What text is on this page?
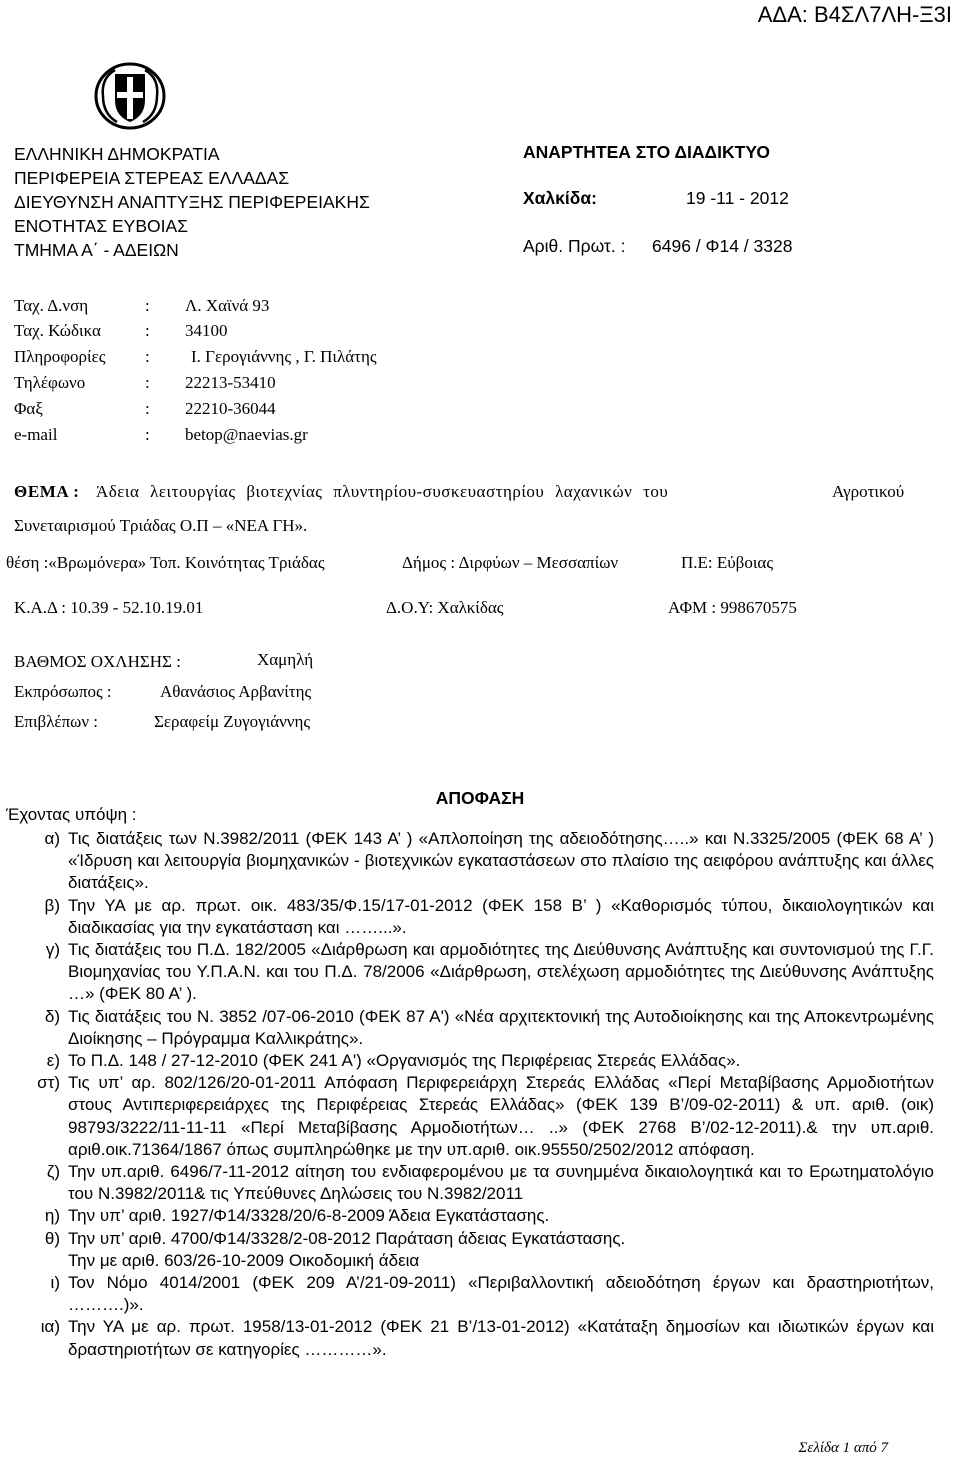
ΑΔΑ: Β4ΣΛ7ΛΗ-Ξ3Ι
ΕΛΛΗΝΙΚΗ ΔΗΜΟΚΡΑΤΙΑ
ΠΕΡΙΦΕΡΕΙΑ ΣΤΕΡΕΑΣ ΕΛΛΑΔΑΣ
ΔΙΕΥΘΥΝΣΗ ΑΝΑΠΤΥΞΗΣ ΠΕΡΙΦΕΡΕΙΑΚΗΣ
ΕΝΟΤΗΤΑΣ ΕΥΒΟΙΑΣ
ΤΜΗΜΑ Α΄ - ΑΔΕΙΩΝ
ΑΝΑΡΤΗΤΕΑ ΣΤΟ ΔΙΑΔΙΚΤΥΟ
Χαλκίδα:	19 -11 - 2012
Αριθ. Πρωτ. : 6496 / Φ14 / 3328
Ταχ. Δ.νση	: Λ. Χαϊνά 93
Ταχ. Κώδικα	: 34100
Πληροφορίες : Ι. Γερογιάννης , Γ. Πιλάτης
Τηλέφωνο	: 22213-53410
Φαξ	: 22210-36044
e-mail	: betop@naevias.gr
ΘΕΜΑ : Άδεια λειτουργίας βιοτεχνίας πλυντηρίου-συσκευαστηρίου λαχανικών του	Αγροτικού
Συνεταιρισμού Τριάδας Ο.Π – «ΝΕΑ ΓΗ».
θέση :«Βρωμόνερα» Τοπ. Κοινότητας Τριάδας	Δήμος : Διρφύων – Μεσσαπίων	Π.Ε: Εύβοιας
Κ.Α.Δ : 10.39 - 52.10.19.01	Δ.Ο.Υ: Χαλκίδας	ΑΦΜ : 998670575
ΒΑΘΜΟΣ ΟΧΛΗΣΗΣ :	Χαμηλή
Εκπρόσωπος :	Αθανάσιος Αρβανίτης
Επιβλέπων :	Σεραφείμ Ζυγογιάννης
ΑΠΟΦΑΣΗ
Έχοντας υπόψη :
α) Τις διατάξεις των Ν.3982/2011 (ΦΕΚ 143 Α’ ) «Απλοποίηση της αδειοδότησης…..» και Ν.3325/2005 (ΦΕΚ 68 Α’ ) «Ίδρυση και λειτουργία βιομηχανικών - βιοτεχνικών εγκαταστάσεων στο πλαίσιο της αειφόρου ανάπτυξης και άλλες διατάξεις».
β) Την ΥΑ με αρ. πρωτ. οικ. 483/35/Φ.15/17-01-2012 (ΦΕΚ 158 Β’ ) «Καθορισμός τύπου, δικαιολογητικών και διαδικασίας για την εγκατάσταση και ……...».
γ) Τις διατάξεις του Π.Δ. 182/2005 «Διάρθρωση και αρμοδιότητες της Διεύθυνσης Ανάπτυξης και συντονισμού της Γ.Γ. Βιομηχανίας του Υ.Π.Α.Ν. και του Π.Δ. 78/2006 «Διάρθρωση, στελέχωση αρμοδιότητες της Διεύθυνσης Ανάπτυξης …» (ΦΕΚ 80 Α’ ).
δ) Τις διατάξεις του Ν. 3852 /07-06-2010 (ΦΕΚ 87 Α') «Νέα αρχιτεκτονική της Αυτοδιοίκησης και της Αποκεντρωμένης Διοίκησης – Πρόγραμμα Καλλικράτης».
ε) Το Π.Δ. 148 / 27-12-2010 (ΦΕΚ 241 Α') «Οργανισμός της Περιφέρειας Στερεάς Ελλάδας».
στ) Τις υπ’ αρ. 802/126/20-01-2011 Απόφαση Περιφερειάρχη Στερεάς Ελλάδας «Περί Μεταβίβασης Αρμοδιοτήτων στους Αντιπεριφερειάρχες της Περιφέρειας Στερεάς Ελλάδας» (ΦΕΚ 139 Β’/09-02-2011) & υπ. αριθ. (οικ) 98793/3222/11-11-11 «Περί Μεταβίβασης Αρμοδιοτήτων… ..» (ΦΕΚ 2768 Β’/02-12-2011).& την υπ.αριθ. αριθ.οικ.71364/1867 όπως συμπληρώθηκε με την υπ.αριθ. οικ.95550/2502/2012 απόφαση.
ζ) Την υπ.αριθ. 6496/7-11-2012 αίτηση του ενδιαφερομένου με τα συνημμένα δικαιολογητικά και το Ερωτηματολόγιο του Ν.3982/2011& τις Υπεύθυνες Δηλώσεις του Ν.3982/2011
η) Την υπ’ αριθ. 1927/Φ14/3328/20/6-8-2009 Άδεια Εγκατάστασης.
θ) Την υπ’ αριθ. 4700/Φ14/3328/2-08-2012 Παράταση άδειας Εγκατάστασης.
Την με αριθ. 603/26-10-2009 Οικοδομική άδεια
ι) Τον Νόμο 4014/2001 (ΦΕΚ 209 Α’/21-09-2011) «Περιβαλλοντική αδειοδότηση έργων και δραστηριοτήτων, ……….)».
ια) Την ΥΑ με αρ. πρωτ. 1958/13-01-2012 (ΦΕΚ 21 Β’/13-01-2012) «Κατάταξη δημοσίων και ιδιωτικών έργων και δραστηριοτήτων σε κατηγορίες …………».
Σελίδα 1 από 7
